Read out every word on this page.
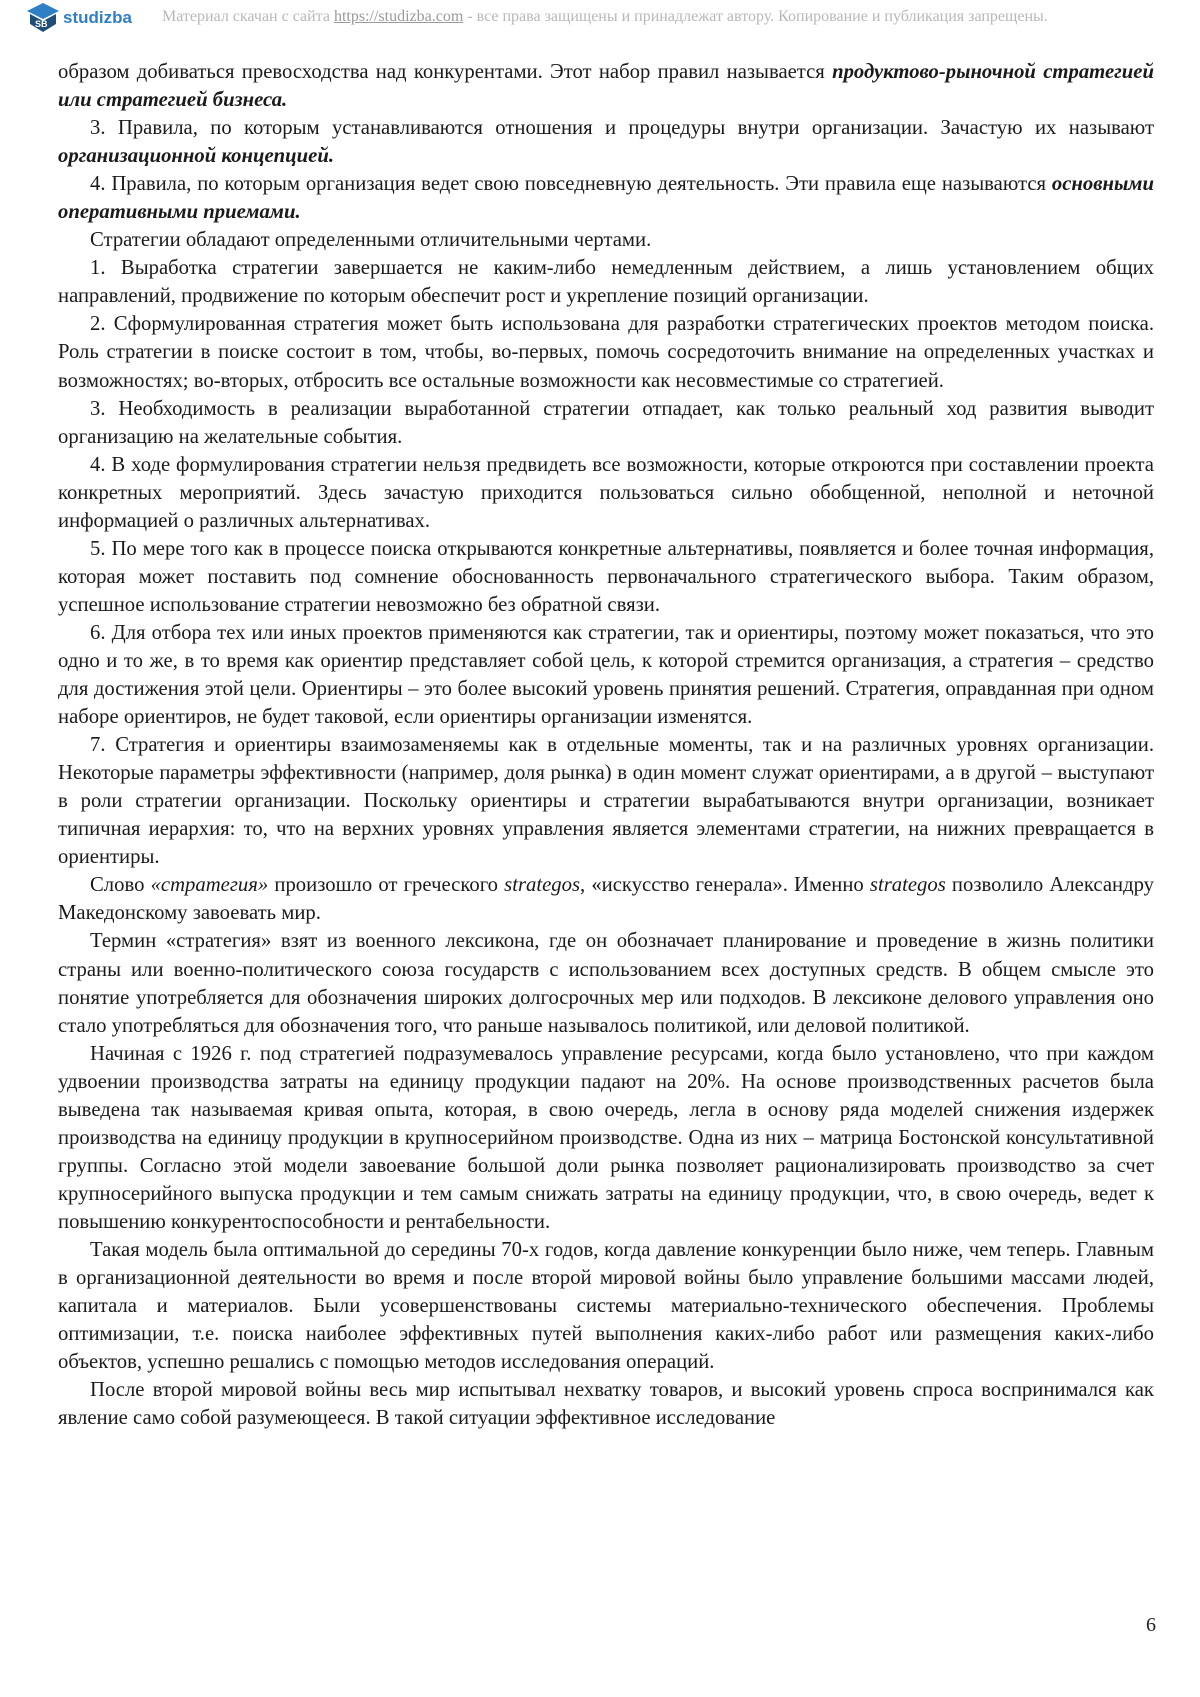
SB studizba Материал скачан с сайта https://studizba.com - все права защищены и принадлежат автору. Копирование и публикация запрещены.

образом добиваться превосходства над конкурентами. Этот набор правил называется продуктово-рыночной стратегией или стратегией бизнеса.

3. Правила, по которым устанавливаются отношения и процедуры внутри организации. Зачастую их называют организационной концепцией.

4. Правила, по которым организация ведет свою повседневную деятельность. Эти правила еще называются основными оперативными приемами.

Стратегии обладают определенными отличительными чертами.

1. Выработка стратегии завершается не каким-либо немедленным действием, а лишь установлением общих направлений, продвижение по которым обеспечит рост и укрепление позиций организации.

2. Сформулированная стратегия может быть использована для разработки стратегических проектов методом поиска. Роль стратегии в поиске состоит в том, чтобы, во-первых, помочь сосредоточить внимание на определенных участках и возможностях; во-вторых, отбросить все остальные возможности как несовместимые со стратегией.

3. Необходимость в реализации выработанной стратегии отпадает, как только реальный ход развития выводит организацию на желательные события.

4. В ходе формулирования стратегии нельзя предвидеть все возможности, которые откроются при составлении проекта конкретных мероприятий. Здесь зачастую приходится пользоваться сильно обобщенной, неполной и неточной информацией о различных альтернативах.

5. По мере того как в процессе поиска открываются конкретные альтернативы, появляется и более точная информация, которая может поставить под сомнение обоснованность первоначального стратегического выбора. Таким образом, успешное использование стратегии невозможно без обратной связи.

6. Для отбора тех или иных проектов применяются как стратегии, так и ориентиры, поэтому может показаться, что это одно и то же, в то время как ориентир представляет собой цель, к которой стремится организация, а стратегия – средство для достижения этой цели. Ориентиры – это более высокий уровень принятия решений. Стратегия, оправданная при одном наборе ориентиров, не будет таковой, если ориентиры организации изменятся.

7. Стратегия и ориентиры взаимозаменяемы как в отдельные моменты, так и на различных уровнях организации. Некоторые параметры эффективности (например, доля рынка) в один момент служат ориентирами, а в другой – выступают в роли стратегии организации. Поскольку ориентиры и стратегии вырабатываются внутри организации, возникает типичная иерархия: то, что на верхних уровнях управления является элементами стратегии, на нижних превращается в ориентиры.

Слово «стратегия» произошло от греческого strategos, «искусство генерала». Именно strategos позволило Александру Македонскому завоевать мир.

Термин «стратегия» взят из военного лексикона, где он обозначает планирование и проведение в жизнь политики страны или военно-политического союза государств с использованием всех доступных средств. В общем смысле это понятие употребляется для обозначения широких долгосрочных мер или подходов. В лексиконе делового управления оно стало употребляться для обозначения того, что раньше называлось политикой, или деловой политикой.

Начиная с 1926 г. под стратегией подразумевалось управление ресурсами, когда было установлено, что при каждом удвоении производства затраты на единицу продукции падают на 20%. На основе производственных расчетов была выведена так называемая кривая опыта, которая, в свою очередь, легла в основу ряда моделей снижения издержек производства на единицу продукции в крупносерийном производстве. Одна из них – матрица Бостонской консультативной группы. Согласно этой модели завоевание большой доли рынка позволяет рационализировать производство за счет крупносерийного выпуска продукции и тем самым снижать затраты на единицу продукции, что, в свою очередь, ведет к повышению конкурентоспособности и рентабельности.

Такая модель была оптимальной до середины 70-х годов, когда давление конкуренции было ниже, чем теперь. Главным в организационной деятельности во время и после второй мировой войны было управление большими массами людей, капитала и материалов. Были усовершенствованы системы материально-технического обеспечения. Проблемы оптимизации, т.е. поиска наиболее эффективных путей выполнения каких-либо работ или размещения каких-либо объектов, успешно решались с помощью методов исследования операций.

После второй мировой войны весь мир испытывал нехватку товаров, и высокий уровень спроса воспринимался как явление само собой разумеющееся. В такой ситуации эффективное исследование

6
